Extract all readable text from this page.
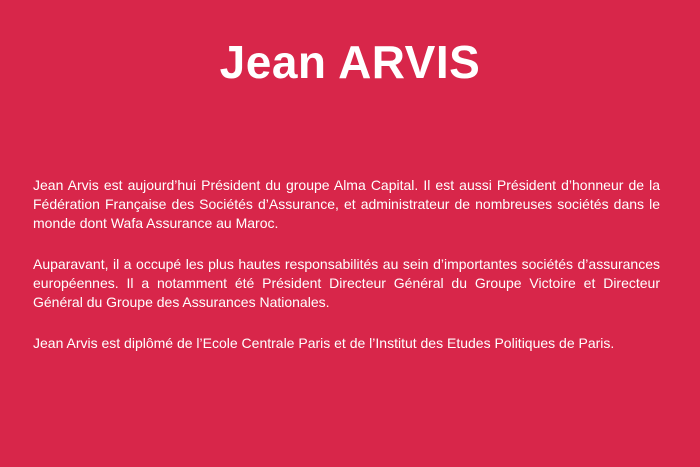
Jean ARVIS

Jean Arvis est aujourd’hui Président du groupe Alma Capital. Il est aussi Président d’honneur de la Fédération Française des Sociétés d’Assurance, et administrateur de nombreuses sociétés dans le monde dont Wafa Assurance au Maroc.

Auparavant, il a occupé les plus hautes responsabilités au sein d’importantes sociétés d’assurances européennes. Il a notamment été Président Directeur Général du Groupe Victoire et Directeur Général du Groupe des Assurances Nationales.

Jean Arvis est diplômé de l’Ecole Centrale Paris et de l’Institut des Etudes Politiques de Paris.
